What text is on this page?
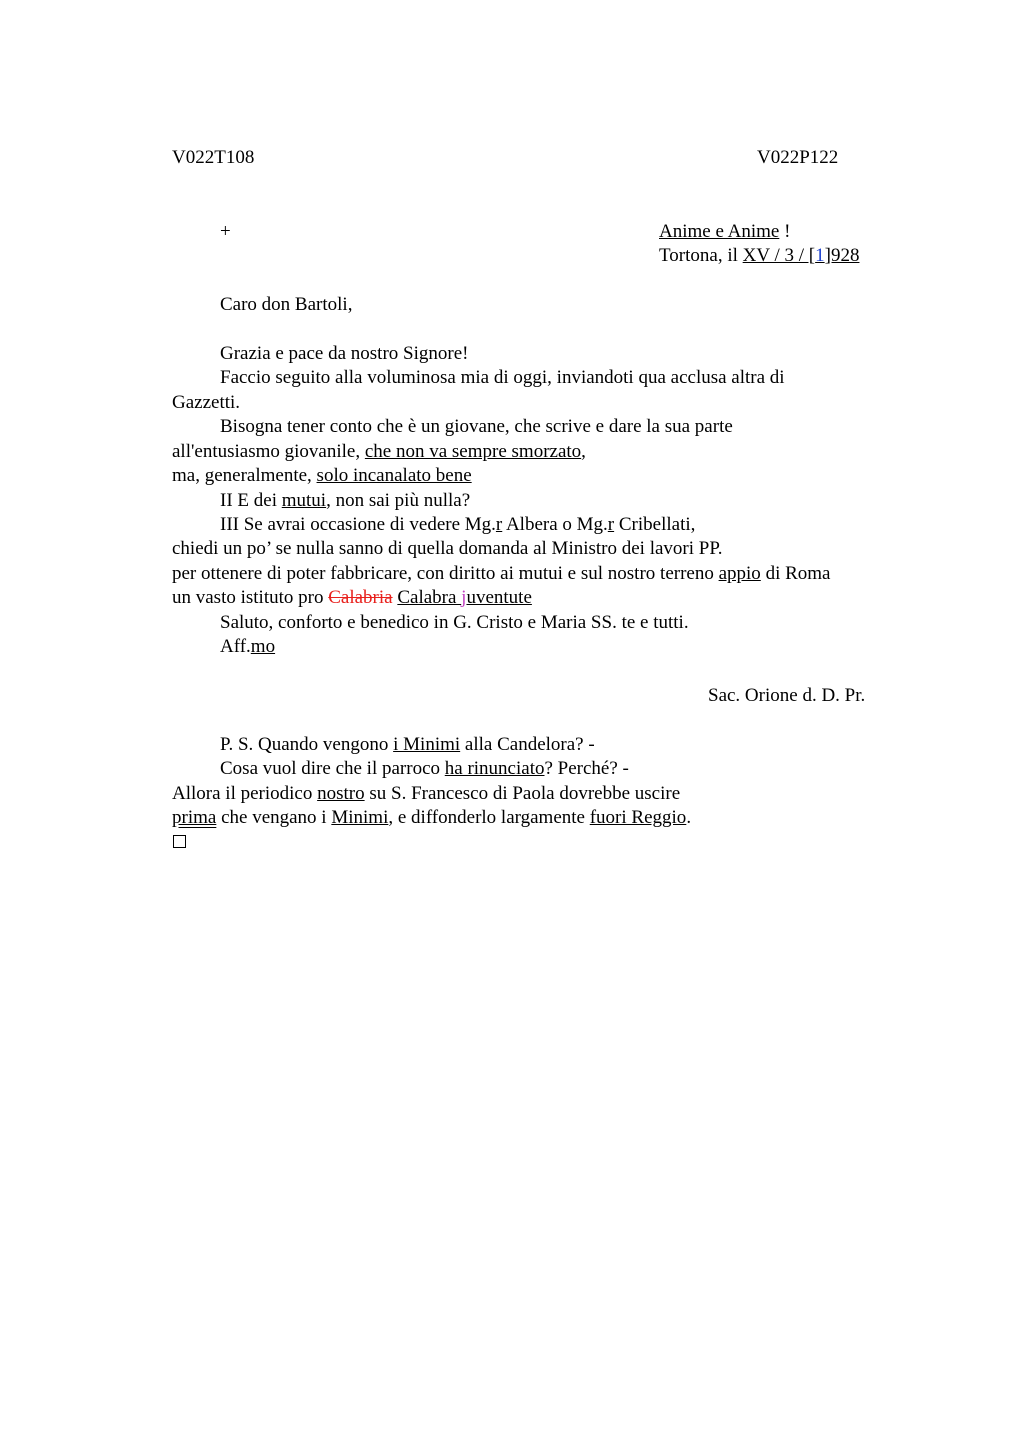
V022T108	V022P122
+	Anime e Anime !
Tortona, il XV / 3 / [1]928
Caro don Bartoli,
Grazia e pace da nostro Signore!
Faccio seguito alla voluminosa mia di oggi, inviandoti qua acclusa altra di
Gazzetti.
Bisogna tener conto che è un giovane, che scrive e dare la sua parte
all'entusiasmo giovanile, che non va sempre smorzato,
ma, generalmente, solo incanalato bene
II E dei mutui, non sai più nulla?
III Se avrai occasione di vedere Mg.r Albera o Mg.r Cribellati,
chiedi un po’ se nulla sanno di quella domanda al Ministro dei lavori PP.
per ottenere di poter fabbricare, con diritto ai mutui e sul nostro terreno appio di Roma
un vasto istituto pro Calabria Calabra juventute
Saluto, conforto e benedico in G. Cristo e Maria SS. te e tutti.
Aff.mo
Sac. Orione d. D. Pr.
P. S. Quando vengono i Minimi alla Candelora? -
Cosa vuol dire che il parroco ha rinunciato? Perché? -
Allora il periodico nostro su S. Francesco di Paola dovrebbe uscire
prima che vengano i Minimi, e diffonderlo largamente fuori Reggio.
